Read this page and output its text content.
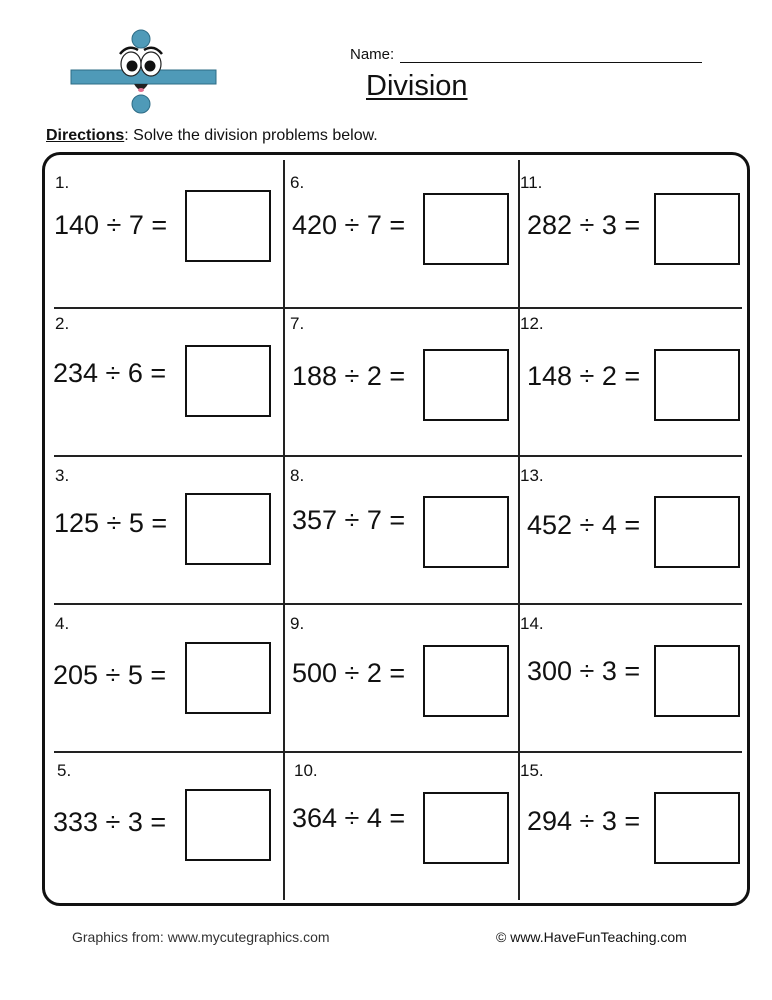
Name:
Division
Directions: Solve the division problems below.
1.
140 ÷ 7 =
2.
234 ÷ 6 =
3.
125 ÷ 5 =
4.
205 ÷ 5 =
5.
333 ÷ 3 =
6.
420 ÷ 7 =
7.
188 ÷ 2 =
8.
357 ÷ 7 =
9.
500 ÷ 2 =
10.
364 ÷ 4 =
11.
282 ÷ 3 =
12.
148 ÷ 2 =
13.
452 ÷ 4 =
14.
300 ÷ 3 =
15.
294 ÷ 3 =
Graphics from: www.mycutegraphics.com	© www.HaveFunTeaching.com
